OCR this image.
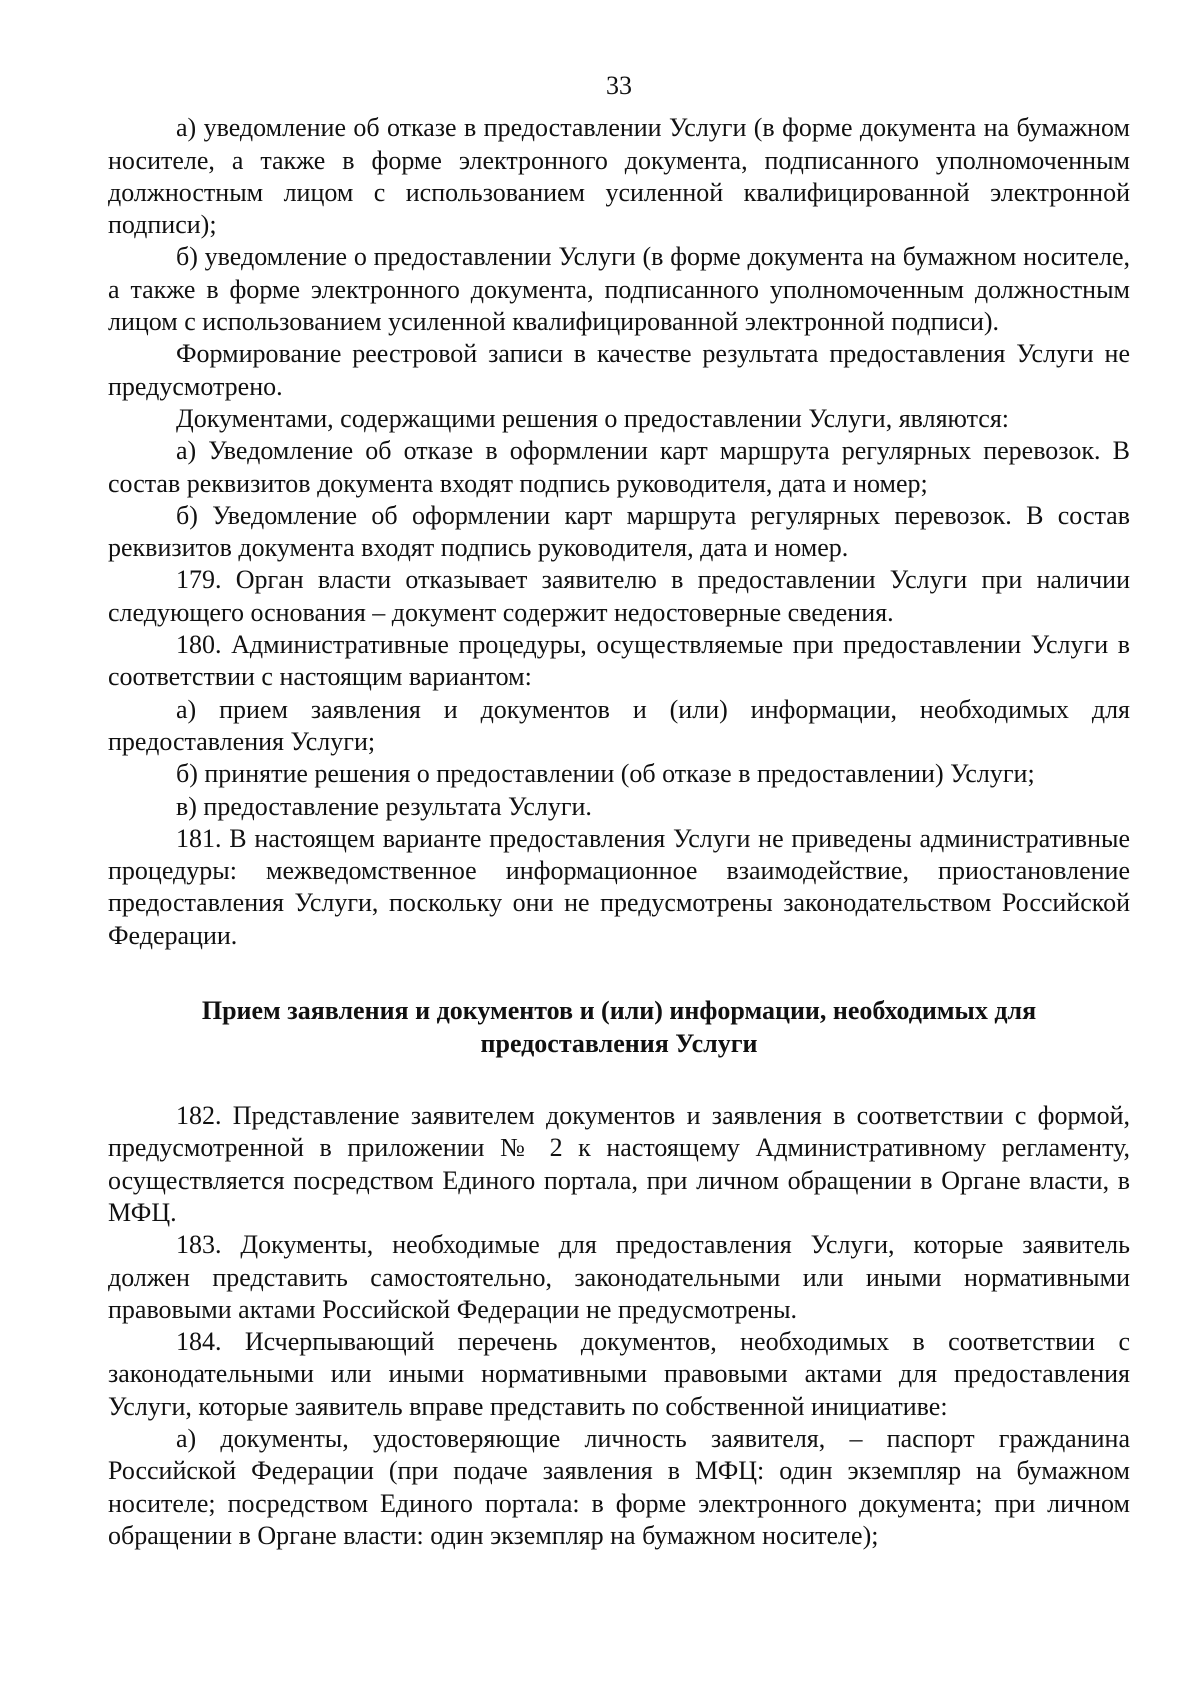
33

а) уведомление об отказе в предоставлении Услуги (в форме документа на бумажном носителе, а также в форме электронного документа, подписанного уполномоченным должностным лицом с использованием усиленной квалифицированной электронной подписи);

б) уведомление о предоставлении Услуги (в форме документа на бумажном носителе, а также в форме электронного документа, подписанного уполномоченным должностным лицом с использованием усиленной квалифицированной электронной подписи).

Формирование реестровой записи в качестве результата предоставления Услуги не предусмотрено.

Документами, содержащими решения о предоставлении Услуги, являются:

а) Уведомление об отказе в оформлении карт маршрута регулярных перевозок. В состав реквизитов документа входят подпись руководителя, дата и номер;

б) Уведомление об оформлении карт маршрута регулярных перевозок. В состав реквизитов документа входят подпись руководителя, дата и номер.

179. Орган власти отказывает заявителю в предоставлении Услуги при наличии следующего основания – документ содержит недостоверные сведения.

180. Административные процедуры, осуществляемые при предоставлении Услуги в соответствии с настоящим вариантом:

а) прием заявления и документов и (или) информации, необходимых для предоставления Услуги;

б) принятие решения о предоставлении (об отказе в предоставлении) Услуги;

в) предоставление результата Услуги.

181. В настоящем варианте предоставления Услуги не приведены административные процедуры: межведомственное информационное взаимодействие, приостановление предоставления Услуги, поскольку они не предусмотрены законодательством Российской Федерации.

Прием заявления и документов и (или) информации, необходимых для предоставления Услуги

182. Представление заявителем документов и заявления в соответствии с формой, предусмотренной в приложении № 2 к настоящему Административному регламенту, осуществляется посредством Единого портала, при личном обращении в Органе власти, в МФЦ.

183. Документы, необходимые для предоставления Услуги, которые заявитель должен представить самостоятельно, законодательными или иными нормативными правовыми актами Российской Федерации не предусмотрены.

184. Исчерпывающий перечень документов, необходимых в соответствии с законодательными или иными нормативными правовыми актами для предоставления Услуги, которые заявитель вправе представить по собственной инициативе:

а) документы, удостоверяющие личность заявителя, – паспорт гражданина Российской Федерации (при подаче заявления в МФЦ: один экземпляр на бумажном носителе; посредством Единого портала: в форме электронного документа; при личном обращении в Органе власти: один экземпляр на бумажном носителе);
